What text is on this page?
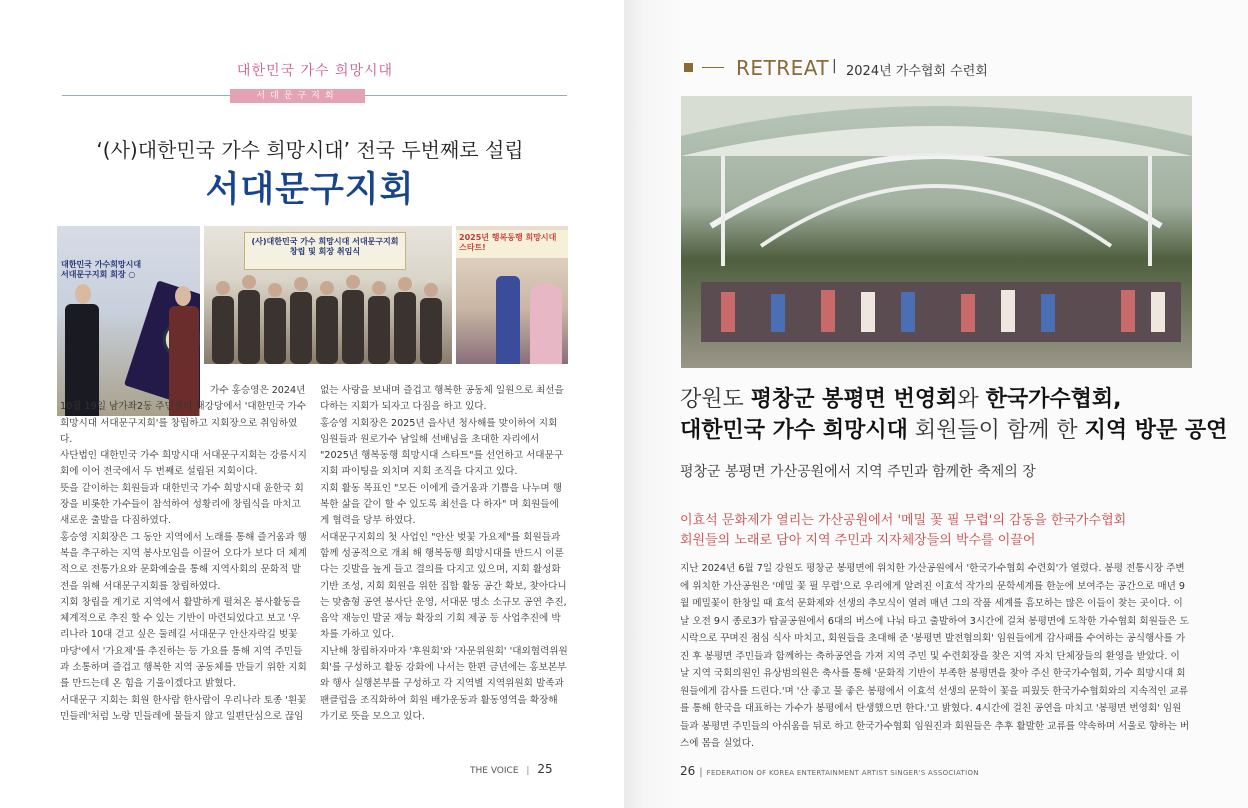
대한민국 가수 희망시대
서대문구지회
‘(사)대한민국 가수 희망시대’ 전국 두번째로 설립
서대문구지회
대한민국 가수희망시대 서대문구지회 회장 ○
(사)대한민국 가수 희망시대 서대문구지회 창립 및 회장 취임식
2025년 행복동행 희망시대 스타트!
가수 홍승영은 2024년 10월 19일 남가좌2동 주민센터 대강당에서 '대한민국 가수희망시대 서대문구지회'를 창립하고 지회장으로 취임하였다.
사단법인 대한민국 가수 희망시대 서대문구지회는 강릉시지회에 이어 전국에서 두 번째로 설립된 지회이다.
뜻을 같이하는 회원들과 대한민국 가수 희망시대 윤한국 회장을 비롯한 가수들이 참석하여 성황리에 창립식을 마치고 새로운 출발을 다짐하였다.
홍승영 지회장은 그 동안 지역에서 노래를 통해 즐거움과 행복을 추구하는 지역 봉사모임을 이끌어 오다가 보다 더 체계적으로 전통가요와 문화예술을 통해 지역사회의 문화적 발전을 위해 서대문구지회를 창립하였다.
지회 창립을 계기로 지역에서 활발하게 펼쳐온 봉사활동을 체계적으로 추진 할 수 있는 기반이 마련되었다고 보고 '우리나라 10대 걷고 싶은 둘레길 서대문구 안산자락길 벚꽃 마당'에서 '가요제'를 추진하는 등 가요를 통해 지역 주민들과 소통하며 즐겁고 행복한 지역 공동체를 만들기 위한 지회를 만드는데 온 힘을 기울이겠다고 밝혔다.
서대문구 지회는 회원 한사람 한사람이 우리나라 토종 '흰꽃 민들레'처럼 노랑 민들레에 물들지 않고 일편단심으로 끊임
없는 사랑을 보내며 즐겁고 행복한 공동체 일원으로 최선을 다하는 지회가 되자고 다짐을 하고 있다.
홍승영 지회장은 2025년 을사년 청사해를 맞이하여 지회 임원들과 원로가수 남일해 선배님을 초대한 자리에서 "2025년 행복동행 희망시대 스타트"를 선언하고 서대문구지회 파이팅을 외치며 지회 조직을 다지고 있다.
지회 활동 목표인 "모든 이에게 즐거움과 기쁨을 나누며 행복한 삶을 같이 할 수 있도록 최선을 다 하자" 며 회원들에게 협력을 당부 하였다.
서대문구지회의 첫 사업인 "안산 벚꽃 가요제"를 회원들과 함께 성공적으로 개최 해 행복동행 희망시대를 반드시 이룬다는 깃발을 높게 들고 결의를 다지고 있으며, 지회 활성화 기반 조성, 지회 회원을 위한 집합 활동 공간 확보, 찾아다니는 맞춤형 공연 봉사단 운영, 서대문 명소 소규모 공연 추진, 음악 재능인 발굴 재능 확장의 기회 제공 등 사업추진에 박차를 가하고 있다.
지난해 창립하자마자 '후원회'와 '자문위원회' '대외협력위원회'를 구성하고 활동 강화에 나서는 한편 금년에는 홍보본부와 행사 실행본부를 구성하고 각 지역별 지역위원회 발족과 팬클럽을 조직화하여 회원 배가운동과 활동영역을 확장해 가기로 뜻을 모으고 있다.
THE VOICE | 25
RETREAT | 2024년 가수협회 수련회
강원도 평창군 봉평면 번영회와 한국가수협회,
대한민국 가수 희망시대 회원들이 함께 한 지역 방문 공연
평창군 봉평면 가산공원에서 지역 주민과 함께한 축제의 장
이효석 문화제가 열리는 가산공원에서 '메밀 꽃 필 무렵'의 감동을 한국가수협회
회원들의 노래로 담아 지역 주민과 지자체장들의 박수를 이끌어
지난 2024년 6월 7일 강원도 평창군 봉평면에 위치한 가산공원에서 '한국가수협회 수련회'가 열렸다. 봉평 전통시장 주변에 위치한 가산공원은 '메밀 꽃 필 무렵'으로 우리에게 알려진 이효석 작가의 문학세계를 한눈에 보여주는 공간으로 매년 9월 메밀꽃이 한창일 때 효석 문화제와 선생의 추모식이 열려 매년 그의 작품 세계를 흠모하는 많은 이들이 찾는 곳이다. 이 날 오전 9시 종로3가 탑골공원에서 6대의 버스에 나눠 타고 출발하여 3시간에 걸쳐 봉평면에 도착한 가수협회 회원들은 도시락으로 꾸며진 점심 식사 마치고, 회원들을 초대해 준 '봉평면 발전협의회' 임원들에게 감사패를 수여하는 공식행사를 가진 후 봉평면 주민들과 함께하는 축하공연을 가져 지역 주민 및 수련회장을 찾은 지역 자치 단체장들의 환영을 받았다. 이 날 지역 국회의원인 유상범의원은 축사를 통해 '문화적 기반이 부족한 봉평면을 찾아 주신 한국가수협회, 가수 희망시대 회원들에게 감사를 드린다.'며 '산 좋고 물 좋은 봉평에서 이효석 선생의 문학이 꽃을 피웠듯 한국가수협회와의 지속적인 교류를 통해 한국을 대표하는 가수가 봉평에서 탄생했으면 한다.'고 밝혔다. 4시간에 걸친 공연을 마치고 '봉평면 번영회' 임원들과 봉평면 주민들의 아쉬움을 뒤로 하고 한국가수협회 임원진과 회원들은 추후 활발한 교류를 약속하며 서울로 향하는 버스에 몸을 실었다.
26 | FEDERATION OF KOREA ENTERTAINMENT ARTIST SINGER'S ASSOCIATION
